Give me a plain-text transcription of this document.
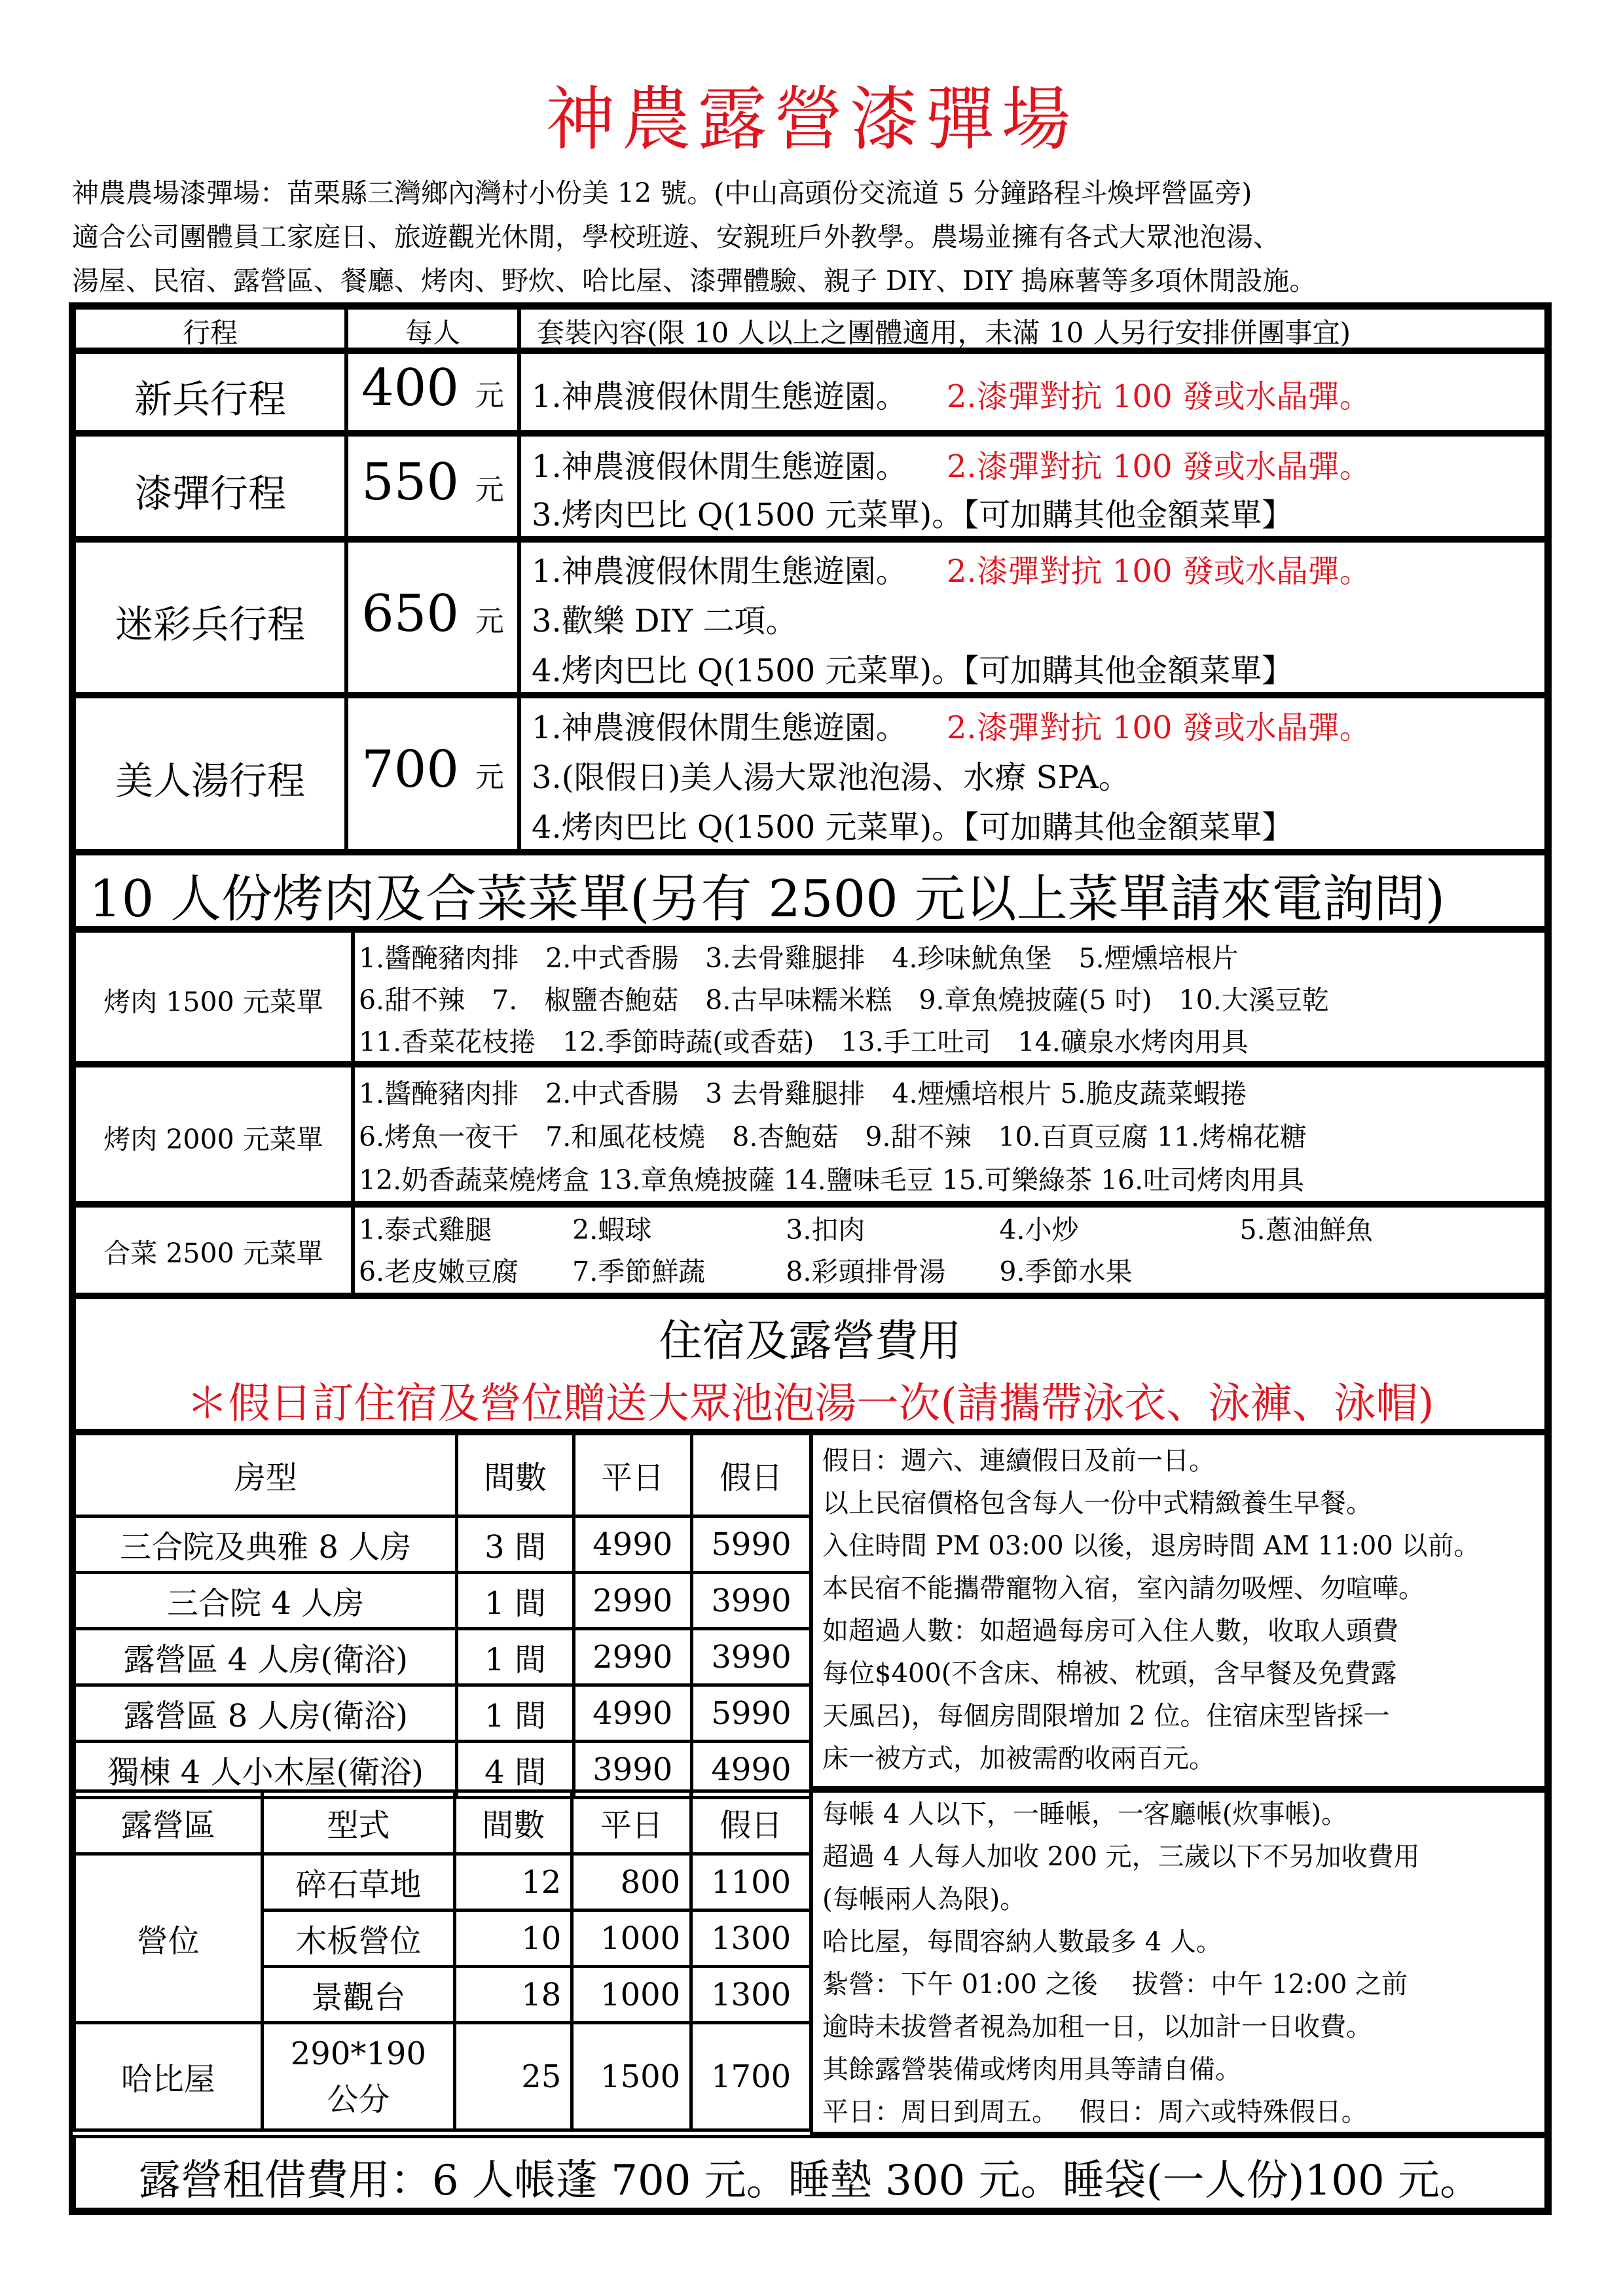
神農露營漆彈場
神農農場漆彈場：苗栗縣三灣鄉內灣村小份美 12 號。(中山高頭份交流道 5 分鐘路程斗煥坪營區旁)
適合公司團體員工家庭日、旅遊觀光休閒，學校班遊、安親班戶外教學。農場並擁有各式大眾池泡湯、
湯屋、民宿、露營區、餐廳、烤肉、野炊、哈比屋、漆彈體驗、親子 DIY、DIY 搗麻薯等多項休閒設施。
行程	每人	套裝內容(限 10 人以上之團體適用，未滿 10 人另行安排併團事宜)
新兵行程	400 元 1.神農渡假休閒生態遊園。 2.漆彈對抗 100 發或水晶彈。
漆彈行程	550 元
1.神農渡假休閒生態遊園。 2.漆彈對抗 100 發或水晶彈。
3.烤肉巴比 Q(1500 元菜單)。【可加購其他金額菜單】
迷彩兵行程	650 元
1.神農渡假休閒生態遊園。 2.漆彈對抗 100 發或水晶彈。
3.歡樂 DIY 二項。
4.烤肉巴比 Q(1500 元菜單)。【可加購其他金額菜單】
美人湯行程	700 元
1.神農渡假休閒生態遊園。 2.漆彈對抗 100 發或水晶彈。
3.(限假日)美人湯大眾池泡湯、水療 SPA。
4.烤肉巴比 Q(1500 元菜單)。【可加購其他金額菜單】
10 人份烤肉及合菜菜單(另有 2500 元以上菜單請來電詢問)
烤肉 1500 元菜單
1.醬醃豬肉排　2.中式香腸　3.去骨雞腿排　4.珍味魷魚堡　5.煙燻培根片
6.甜不辣　7.　椒鹽杏鮑菇　8.古早味糯米糕　9.章魚燒披薩(5 吋)　10.大溪豆乾
11.香菜花枝捲　12.季節時蔬(或香菇)　13.手工吐司　14.礦泉水烤肉用具
烤肉 2000 元菜單
1.醬醃豬肉排　2.中式香腸　3 去骨雞腿排　4.煙燻培根片 5.脆皮蔬菜蝦捲
6.烤魚一夜干　7.和風花枝燒　8.杏鮑菇　9.甜不辣　10.百頁豆腐 11.烤棉花糖
12.奶香蔬菜燒烤盒 13.章魚燒披薩 14.鹽味毛豆 15.可樂綠茶 16.吐司烤肉用具
合菜 2500 元菜單
1.泰式雞腿　　　2.蝦球　　　　　3.扣肉　　　　　4.小炒　　　　　　5.蔥油鮮魚
6.老皮嫩豆腐　　7.季節鮮蔬　　　8.彩頭排骨湯　　9.季節水果
住宿及露營費用
＊假日訂住宿及營位贈送大眾池泡湯一次(請攜帶泳衣、泳褲、泳帽)
房型	間數	平日	假日
三合院及典雅 8 人房	3 間	4990	5990
三合院 4 人房	1 間	2990	3990
露營區 4 人房(衛浴)	1 間	2990	3990
露營區 8 人房(衛浴)	1 間	4990	5990
獨棟 4 人小木屋(衛浴)	4 間	3990	4990
假日：週六、連續假日及前一日。
以上民宿價格包含每人一份中式精緻養生早餐。
入住時間 PM 03:00 以後，退房時間 AM 11:00 以前。
本民宿不能攜帶寵物入宿，室內請勿吸煙、勿喧嘩。
如超過人數：如超過每房可入住人數，收取人頭費
每位$400(不含床、棉被、枕頭，含早餐及免費露
天風呂)，每個房間限增加 2 位。住宿床型皆採一
床一被方式，加被需酌收兩百元。
露營區	型式	間數	平日	假日
營位	碎石草地	12	800	1100
	木板營位	10	1000	1300
	景觀台	18	1000	1300
哈比屋	290*190
公分	25	1500	1700
每帳 4 人以下，一睡帳，一客廳帳(炊事帳)。
超過 4 人每人加收 200 元，三歲以下不另加收費用
(每帳兩人為限)。
哈比屋，每間容納人數最多 4 人。
紮營：下午 01:00 之後　 拔營：中午 12:00 之前
逾時未拔營者視為加租一日，以加計一日收費。
其餘露營裝備或烤肉用具等請自備。
平日：周日到周五。　 假日：周六或特殊假日。
露營租借費用：6 人帳蓬 700 元。睡墊 300 元。睡袋(一人份)100 元。
